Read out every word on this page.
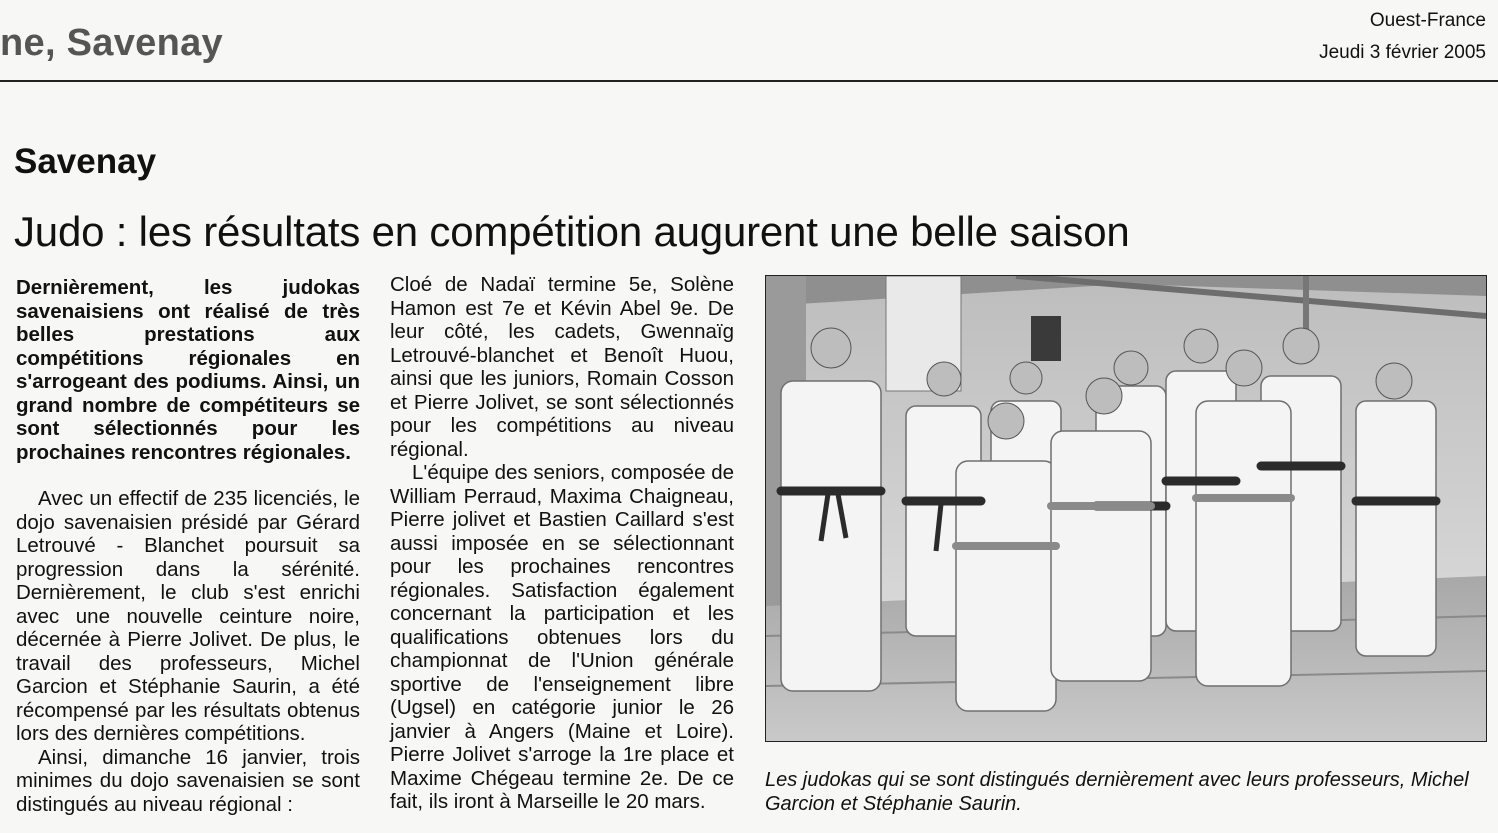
ne, Savenay
Ouest-France
Jeudi 3 février 2005
Savenay
Judo : les résultats en compétition augurent une belle saison

Dernièrement, les judokas savenaisiens ont réalisé de très belles prestations aux compétitions régionales en s'arrogeant des podiums. Ainsi, un grand nombre de compétiteurs se sont sélectionnés pour les prochaines rencontres régionales.

Avec un effectif de 235 licenciés, le dojo savenaisien présidé par Gérard Letrouvé - Blanchet poursuit sa progression dans la sérénité. Dernièrement, le club s'est enrichi avec une nouvelle ceinture noire, décernée à Pierre Jolivet. De plus, le travail des professeurs, Michel Garcion et Stéphanie Saurin, a été récompensé par les résultats obtenus lors des dernières compétitions.

Ainsi, dimanche 16 janvier, trois minimes du dojo savenaisien se sont distingués au niveau régional :

Cloé de Nadaï termine 5e, Solène Hamon est 7e et Kévin Abel 9e. De leur côté, les cadets, Gwennaïg Letrouvé-blanchet et Benoît Huou, ainsi que les juniors, Romain Cosson et Pierre Jolivet, se sont sélectionnés pour les compétitions au niveau régional.

L'équipe des seniors, composée de William Perraud, Maxima Chaigneau, Pierre jolivet et Bastien Caillard s'est aussi imposée en se sélectionnant pour les prochaines rencontres régionales. Satisfaction également concernant la participation et les qualifications obtenues lors du championnat de l'Union générale sportive de l'enseignement libre (Ugsel) en catégorie junior le 26 janvier à Angers (Maine et Loire). Pierre Jolivet s'arroge la 1re place et Maxime Chégeau termine 2e. De ce fait, ils iront à Marseille le 20 mars.

Les judokas qui se sont distingués dernièrement avec leurs professeurs, Michel Garcion et Stéphanie Saurin.
